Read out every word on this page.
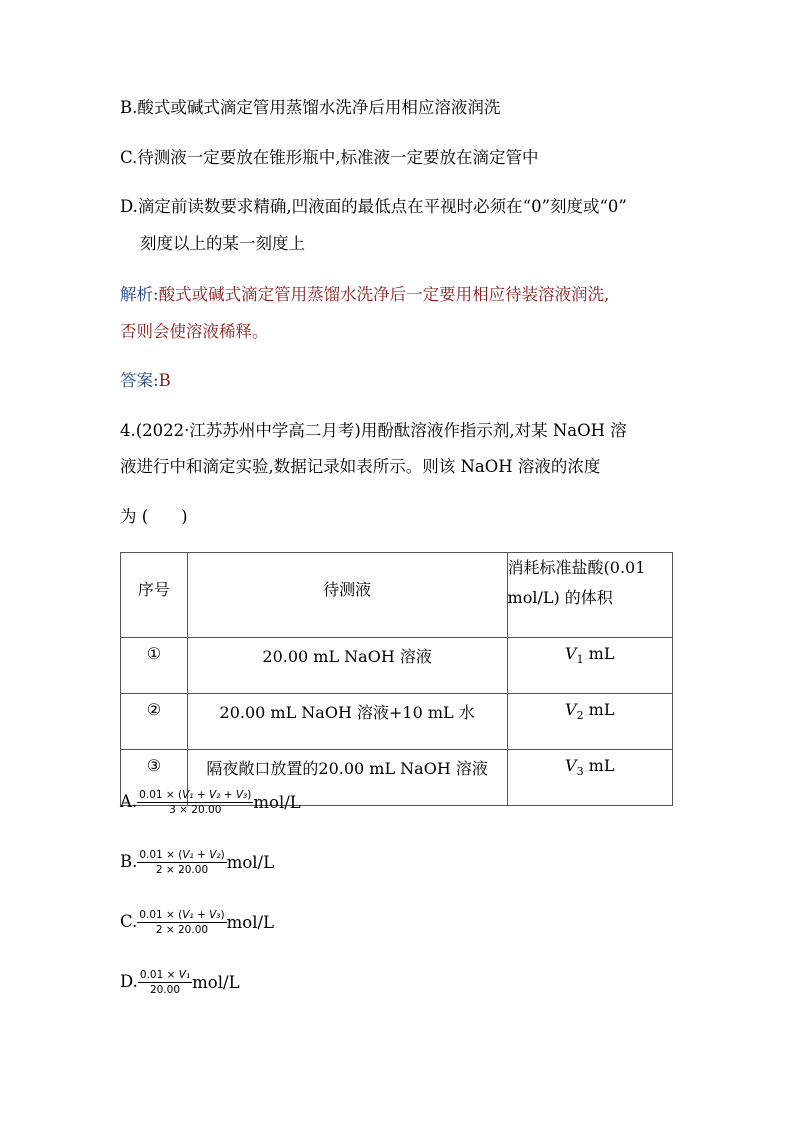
B.酸式或碱式滴定管用蒸馏水洗净后用相应溶液润洗
C.待测液一定要放在锥形瓶中,标准液一定要放在滴定管中
D.滴定前读数要求精确,凹液面的最低点在平视时必须在“0”刻度或“0”
刻度以上的某一刻度上
解析:酸式或碱式滴定管用蒸馏水洗净后一定要用相应待装溶液润洗,
否则会使溶液稀释。
答案:B
4.(2022·江苏苏州中学高二月考)用酚酞溶液作指示剂,对某 NaOH 溶
液进行中和滴定实验,数据记录如表所示。则该 NaOH 溶液的浓度
为 (　　)
序号	待测液	消耗标准盐酸(0.01
mol/L) 的体积
①	20.00 mL NaOH 溶液	$V_1$ mL
②	20.00 mL NaOH 溶液+10 mL 水	$V_2$ mL
③	隔夜敞口放置的20.00 mL NaOH 溶液	$V_3$ mL
A. $\frac{\text{0.01 × (V₁ + V₂ + V₃)}}{3 \times 20.00} mol/L$
B. $\frac{\text{0.01 × (V₁ + V₂)}}{2 \times 20.00} mol/L$
C. $\frac{\text{0.01 × (V₁ + V₃)}}{2 \times 20.00} mol/L$
D. $\frac{\text{0.01 × V₁}}{20.00} mol/L$
